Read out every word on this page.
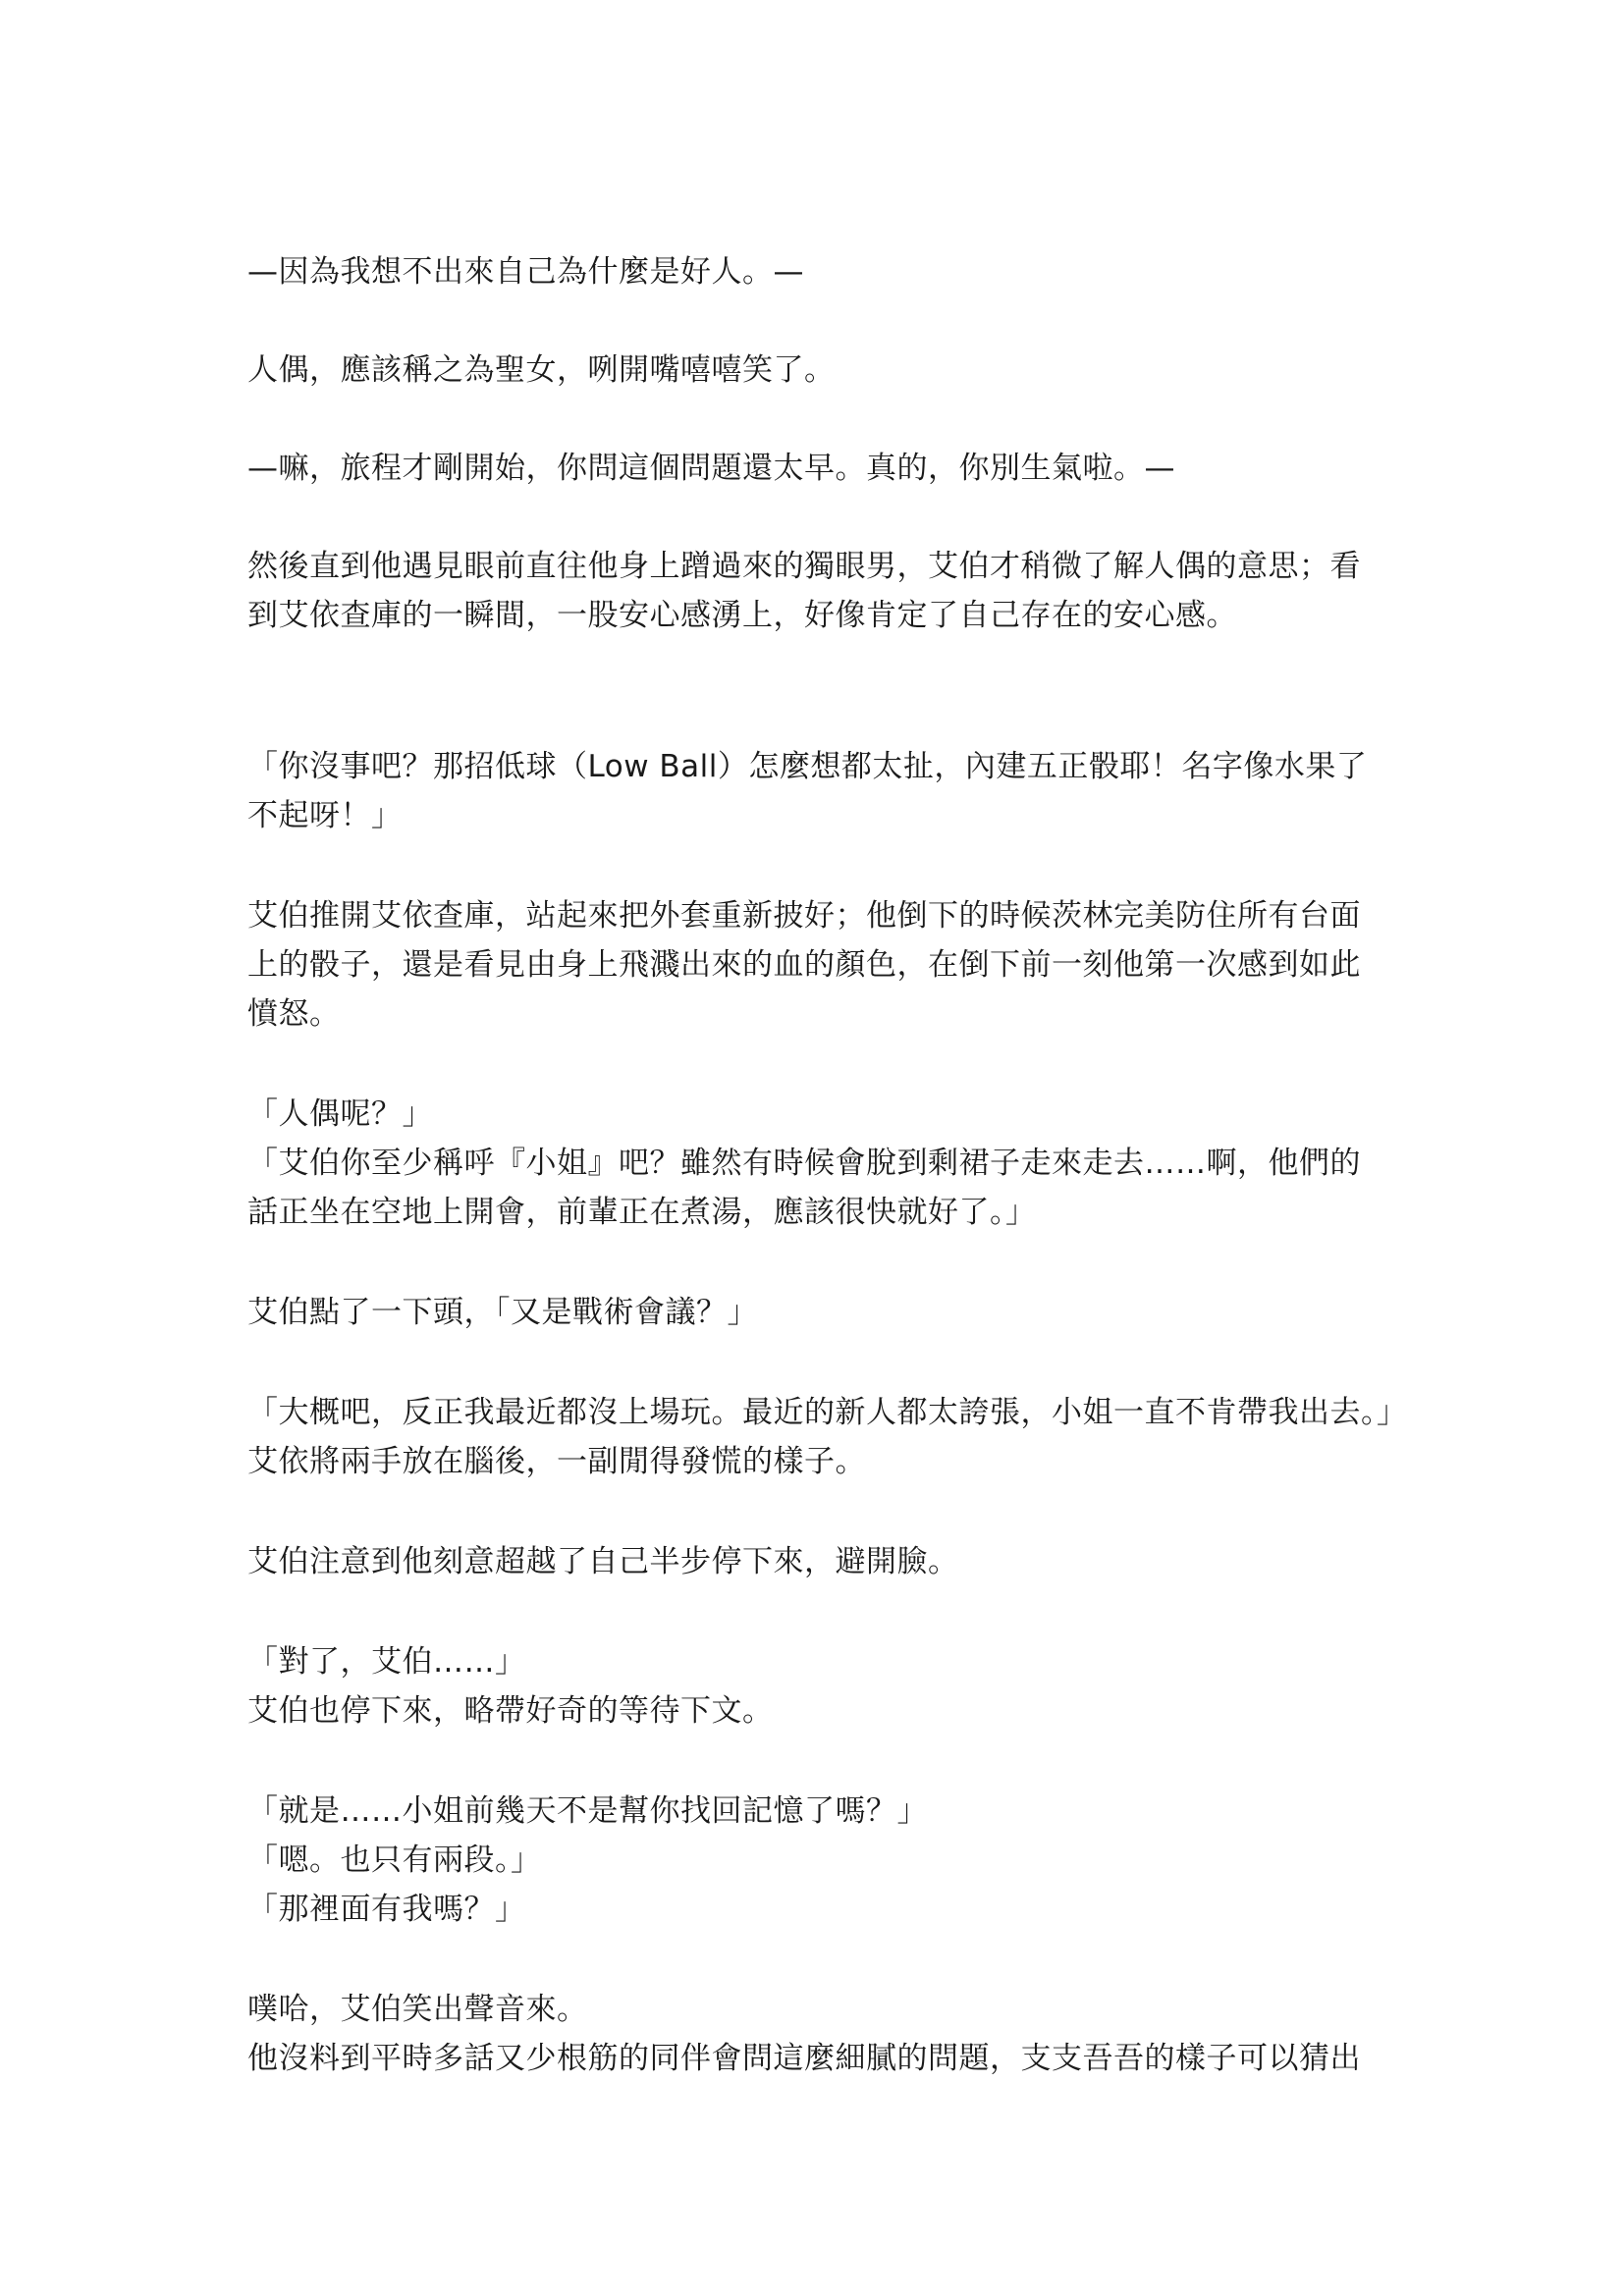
—因為我想不出來自己為什麼是好人。—

人偶，應該稱之為聖女，咧開嘴嘻嘻笑了。

—嘛，旅程才剛開始，你問這個問題還太早。真的，你別生氣啦。—

然後直到他遇見眼前直往他身上蹭過來的獨眼男，艾伯才稍微了解人偶的意思；看

到艾依查庫的一瞬間，一股安心感湧上，好像肯定了自己存在的安心感。

「你沒事吧？那招低球（Low Ball）怎麼想都太扯，內建五正骰耶！名字像水果了

不起呀！」

艾伯推開艾依查庫，站起來把外套重新披好；他倒下的時候茨林完美防住所有台面

上的骰子，還是看見由身上飛濺出來的血的顏色，在倒下前一刻他第一次感到如此

憤怒。

「人偶呢？」

「艾伯你至少稱呼『小姐』吧？雖然有時候會脫到剩裙子走來走去……啊，他們的

話正坐在空地上開會，前輩正在煮湯，應該很快就好了。」

艾伯點了一下頭，「又是戰術會議？」

「大概吧，反正我最近都沒上場玩。最近的新人都太誇張，小姐一直不肯帶我出去。」

艾依將兩手放在腦後，一副閒得發慌的樣子。

艾伯注意到他刻意超越了自己半步停下來，避開臉。

「對了，艾伯……」

艾伯也停下來，略帶好奇的等待下文。

「就是……小姐前幾天不是幫你找回記憶了嗎？」

「嗯。也只有兩段。」

「那裡面有我嗎？」

噗哈，艾伯笑出聲音來。

他沒料到平時多話又少根筋的同伴會問這麼細膩的問題，支支吾吾的樣子可以猜出
